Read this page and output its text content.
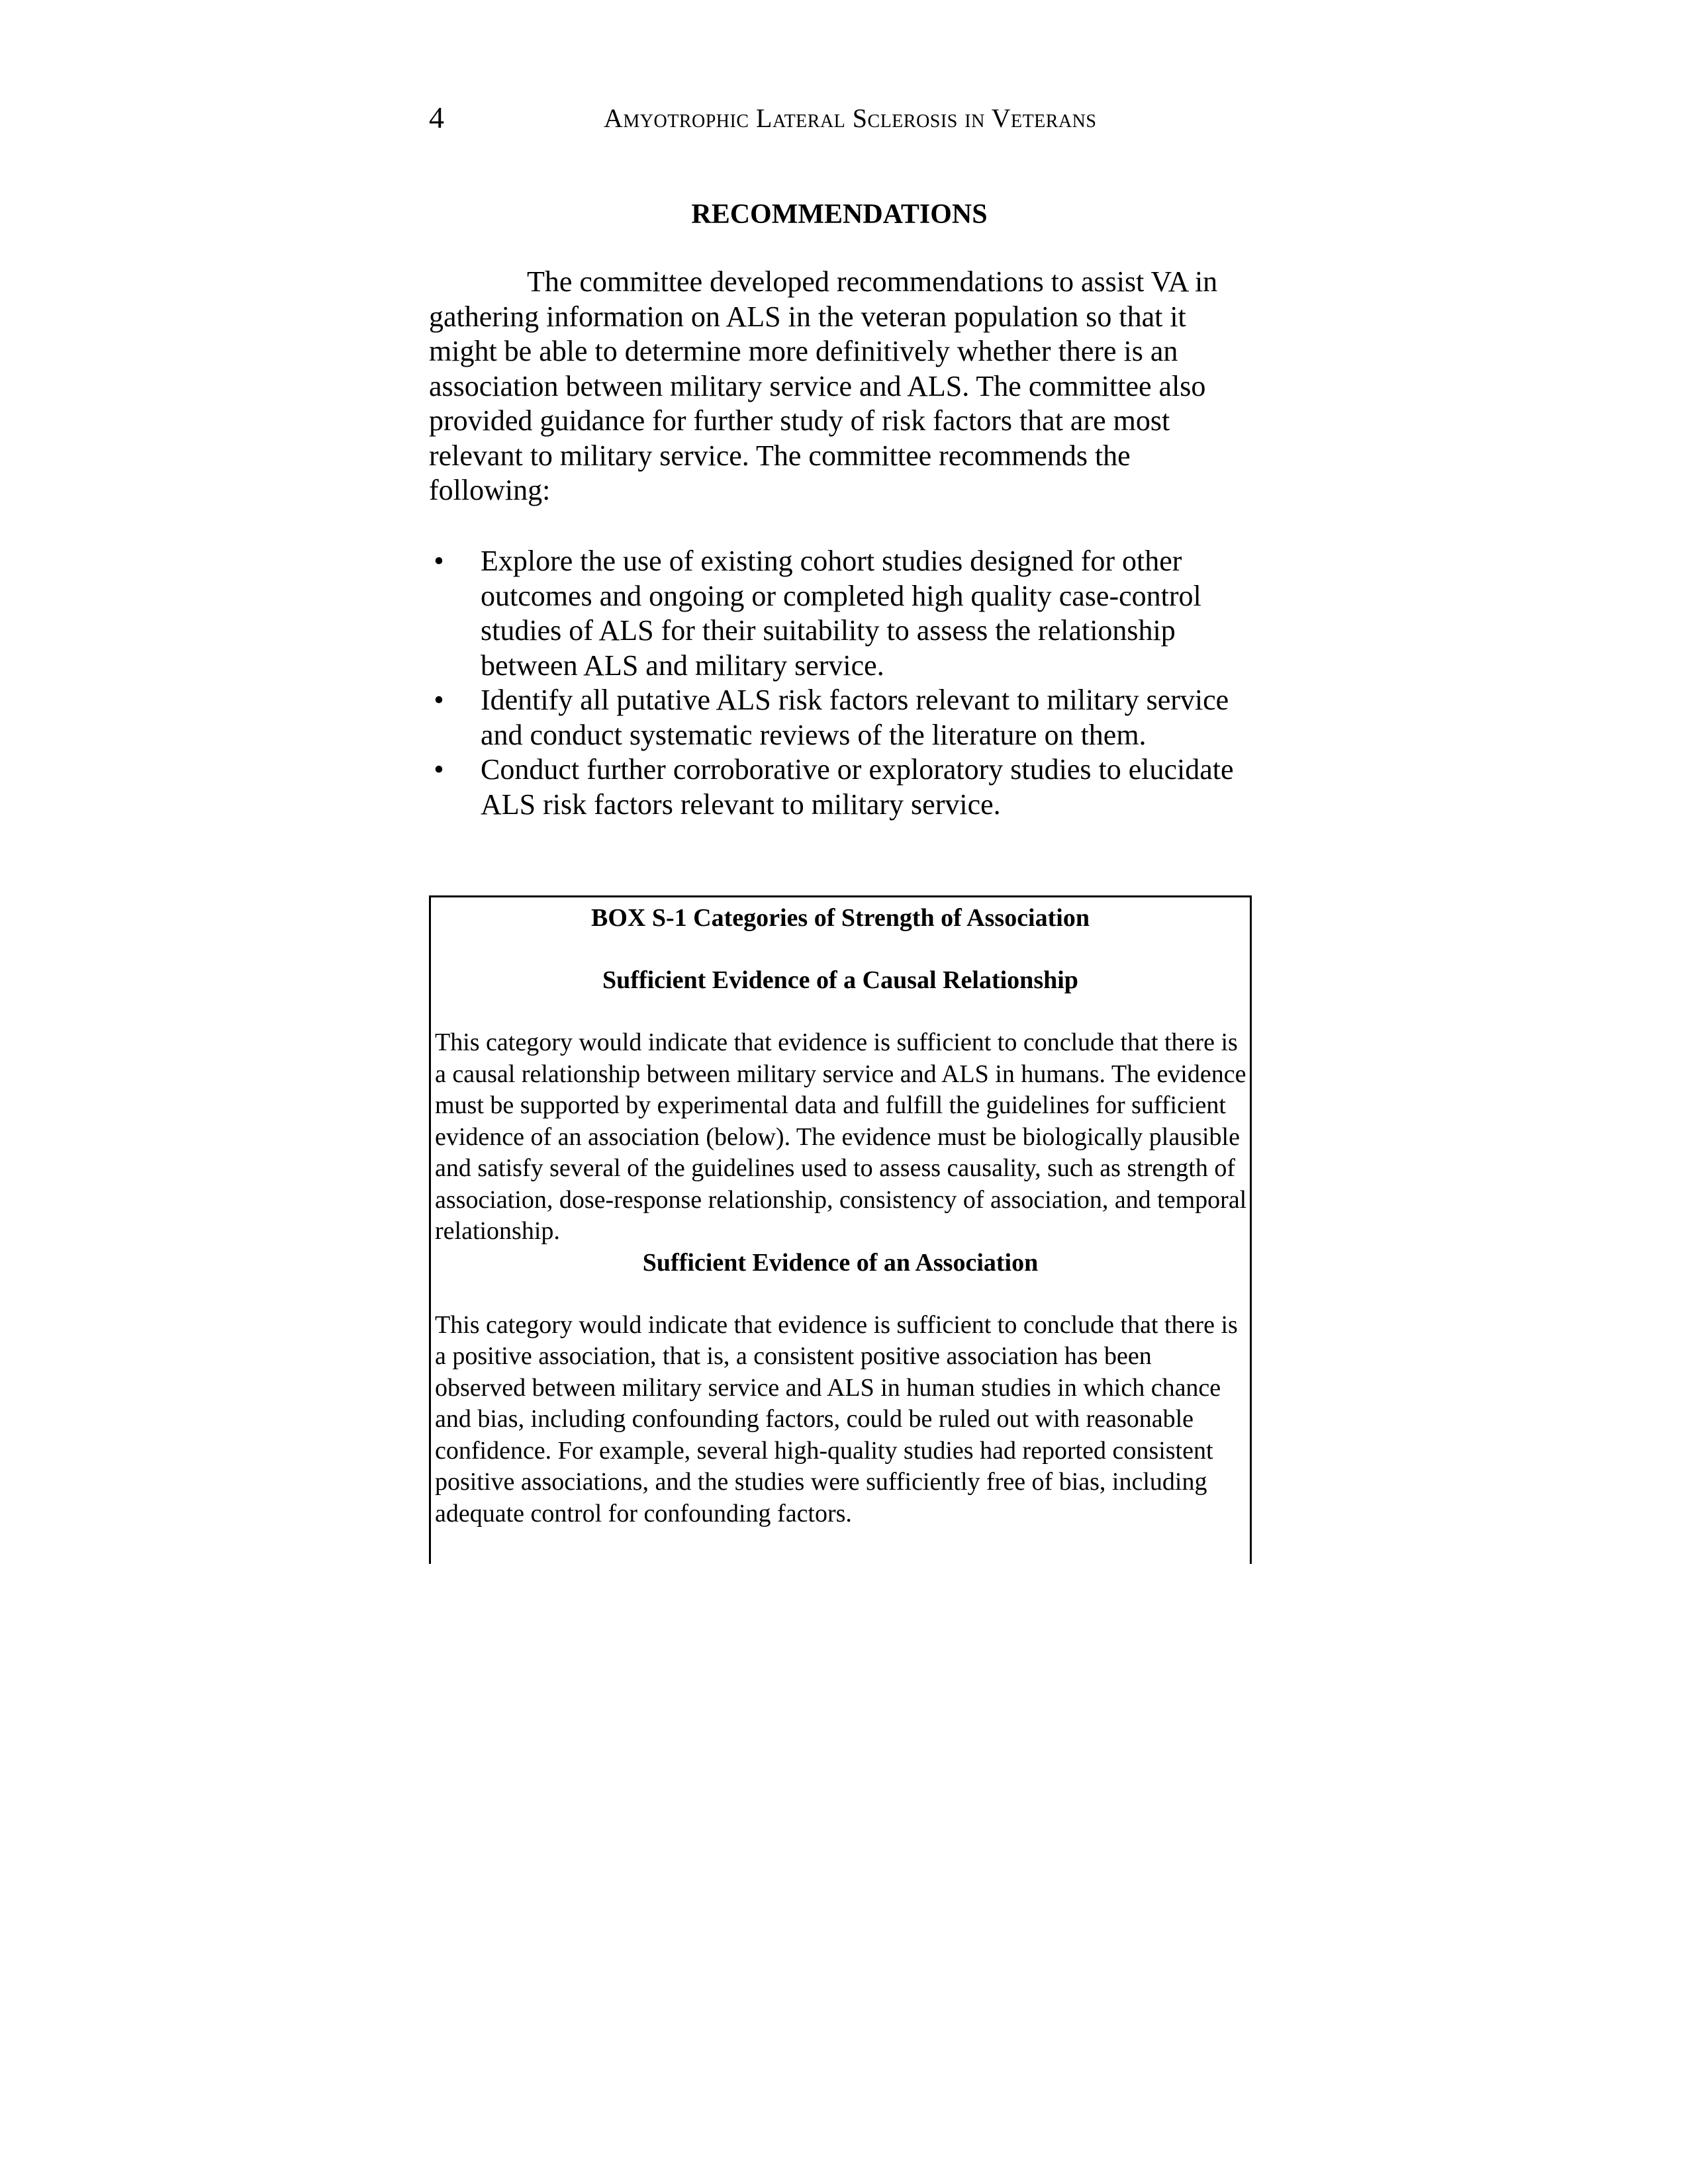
4	Amyotrophic Lateral Sclerosis in Veterans
RECOMMENDATIONS

The committee developed recommendations to assist VA in gathering information on ALS in the veteran population so that it might be able to determine more definitively whether there is an association between military service and ALS. The committee also provided guidance for further study of risk factors that are most relevant to military service. The committee recommends the following:

• Explore the use of existing cohort studies designed for other outcomes and ongoing or completed high quality case-control studies of ALS for their suitability to assess the relationship between ALS and military service.
• Identify all putative ALS risk factors relevant to military service and conduct systematic reviews of the literature on them.
• Conduct further corroborative or exploratory studies to elucidate ALS risk factors relevant to military service.

BOX S-1 Categories of Strength of Association

Sufficient Evidence of a Causal Relationship

This category would indicate that evidence is sufficient to conclude that there is a causal relationship between military service and ALS in humans. The evidence must be supported by experimental data and fulfill the guidelines for sufficient evidence of an association (below). The evidence must be biologically plausible and satisfy several of the guidelines used to assess causality, such as strength of association, dose-response relationship, consistency of association, and temporal relationship.

Sufficient Evidence of an Association

This category would indicate that evidence is sufficient to conclude that there is a positive association, that is, a consistent positive association has been observed between military service and ALS in human studies in which chance and bias, including confounding factors, could be ruled out with reasonable confidence. For example, several high-quality studies had reported consistent positive associations, and the studies were sufficiently free of bias, including adequate control for confounding factors.
